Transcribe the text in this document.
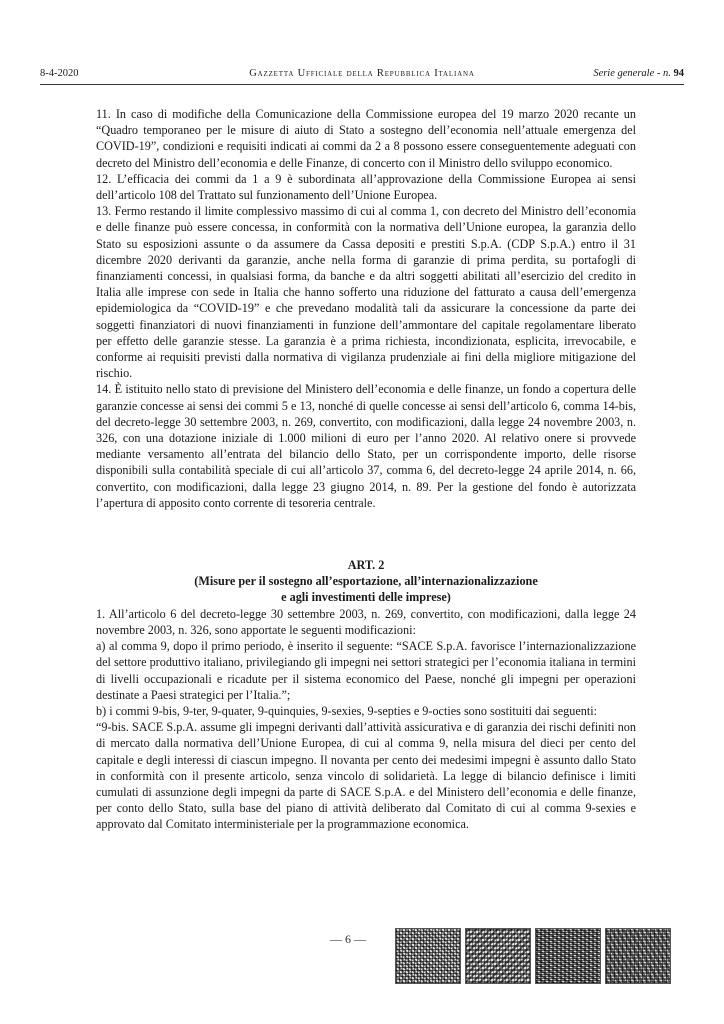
8-4-2020	Gazzetta Ufficiale della Repubblica Italiana	Serie generale - n. 94

11. In caso di modifiche della Comunicazione della Commissione europea del 19 marzo 2020 recante un “Quadro temporaneo per le misure di aiuto di Stato a sostegno dell’economia nell’attuale emergenza del COVID-19”, condizioni e requisiti indicati ai commi da 2 a 8 possono essere conseguentemente adeguati con decreto del Ministro dell’economia e delle Finanze, di concerto con il Ministro dello sviluppo economico.

12. L’efficacia dei commi da 1 a 9 è subordinata all’approvazione della Commissione Europea ai sensi dell’articolo 108 del Trattato sul funzionamento dell’Unione Europea.

13. Fermo restando il limite complessivo massimo di cui al comma 1, con decreto del Ministro dell’economia e delle finanze può essere concessa, in conformità con la normativa dell’Unione europea, la garanzia dello Stato su esposizioni assunte o da assumere da Cassa depositi e prestiti S.p.A. (CDP S.p.A.) entro il 31 dicembre 2020 derivanti da garanzie, anche nella forma di garanzie di prima perdita, su portafogli di finanziamenti concessi, in qualsiasi forma, da banche e da altri soggetti abilitati all’esercizio del credito in Italia alle imprese con sede in Italia che hanno sofferto una riduzione del fatturato a causa dell’emergenza epidemiologica da “COVID-19” e che prevedano modalità tali da assicurare la concessione da parte dei soggetti finanziatori di nuovi finanziamenti in funzione dell’ammontare del capitale regolamentare liberato per effetto delle garanzie stesse. La garanzia è a prima richiesta, incondizionata, esplicita, irrevocabile, e conforme ai requisiti previsti dalla normativa di vigilanza prudenziale ai fini della migliore mitigazione del rischio.

14. È istituito nello stato di previsione del Ministero dell’economia e delle finanze, un fondo a copertura delle garanzie concesse ai sensi dei commi 5 e 13, nonché di quelle concesse ai sensi dell’articolo 6, comma 14-bis, del decreto-legge 30 settembre 2003, n. 269, convertito, con modificazioni, dalla legge 24 novembre 2003, n. 326, con una dotazione iniziale di 1.000 milioni di euro per l’anno 2020. Al relativo onere si provvede mediante versamento all’entrata del bilancio dello Stato, per un corrispondente importo, delle risorse disponibili sulla contabilità speciale di cui all’articolo 37, comma 6, del decreto-legge 24 aprile 2014, n. 66, convertito, con modificazioni, dalla legge 23 giugno 2014, n. 89. Per la gestione del fondo è autorizzata l’apertura di apposito conto corrente di tesoreria centrale.

ART. 2

(Misure per il sostegno all’esportazione, all’internazionalizzazione

e agli investimenti delle imprese)

1. All’articolo 6 del decreto-legge 30 settembre 2003, n. 269, convertito, con modificazioni, dalla legge 24 novembre 2003, n. 326, sono apportate le seguenti modificazioni:

a) al comma 9, dopo il primo periodo, è inserito il seguente: “SACE S.p.A. favorisce l’internazionalizzazione del settore produttivo italiano, privilegiando gli impegni nei settori strategici per l’economia italiana in termini di livelli occupazionali e ricadute per il sistema economico del Paese, nonché gli impegni per operazioni destinate a Paesi strategici per l’Italia.”;

b) i commi 9-bis, 9-ter, 9-quater, 9-quinquies, 9-sexies, 9-septies e 9-octies sono sostituiti dai seguenti:

“9-bis. SACE S.p.A. assume gli impegni derivanti dall’attività assicurativa e di garanzia dei rischi definiti non di mercato dalla normativa dell’Unione Europea, di cui al comma 9, nella misura del dieci per cento del capitale e degli interessi di ciascun impegno. Il novanta per cento dei medesimi impegni è assunto dallo Stato in conformità con il presente articolo, senza vincolo di solidarietà. La legge di bilancio definisce i limiti cumulati di assunzione degli impegni da parte di SACE S.p.A. e del Ministero dell’economia e delle finanze, per conto dello Stato, sulla base del piano di attività deliberato dal Comitato di cui al comma 9-sexies e approvato dal Comitato interministeriale per la programmazione economica.

— 6 —
